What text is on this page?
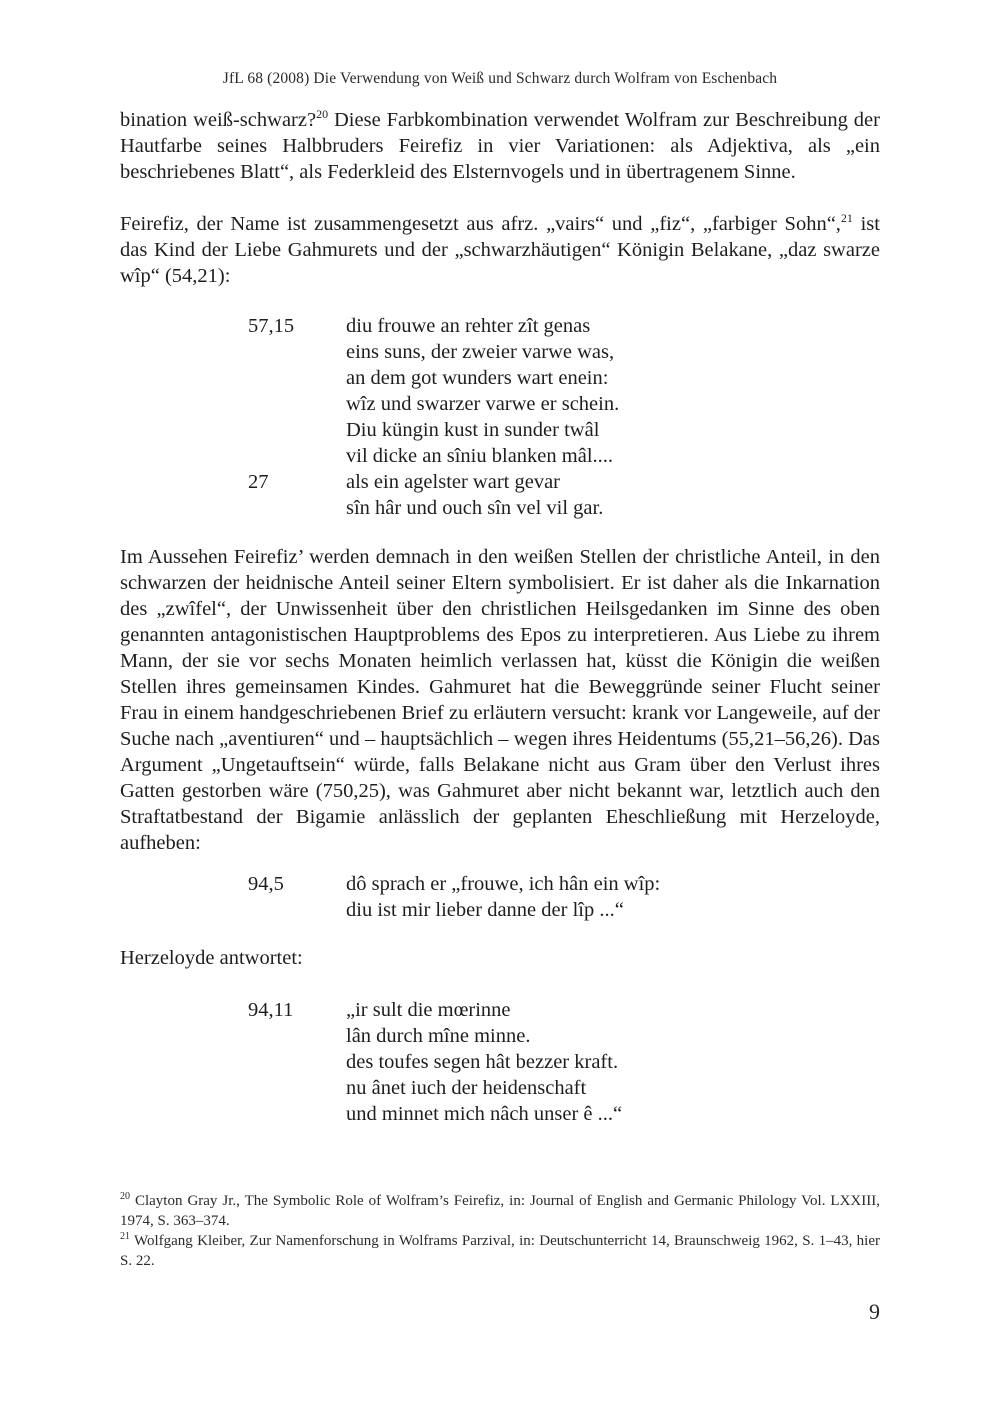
JfL 68 (2008) Die Verwendung von Weiß und Schwarz durch Wolfram von Eschenbach

bination weiß-schwarz?$^{20}$ Diese Farbkombination verwendet Wolfram zur Beschreibung der Hautfarbe seines Halbbruders Feirefiz in vier Variationen: als Adjektiva, als „ein beschriebenes Blatt“, als Federkleid des Elsternvogels und in übertragenem Sinne.

Feirefiz, der Name ist zusammengesetzt aus afrz. „vairs“ und „fiz“, „farbiger Sohn“,$^{21}$ ist das Kind der Liebe Gahmurets und der „schwarzhäutigen“ Königin Belakane, „daz swarze wîp“ (54,21):

57,15	diu frouwe an rehter zît genas
eins suns, der zweier varwe was,
an dem got wunders wart enein:
wîz und swarzer varwe er schein.
Diu küngin kust in sunder twâl
vil dicke an sîniu blanken mâl....
27	als ein agelster wart gevar
sîn hâr und ouch sîn vel vil gar.

Im Aussehen Feirefiz’ werden demnach in den weißen Stellen der christliche Anteil, in den schwarzen der heidnische Anteil seiner Eltern symbolisiert. Er ist daher als die Inkarnation des „zwîfel“, der Unwissenheit über den christlichen Heilsgedanken im Sinne des oben genannten antagonistischen Hauptproblems des Epos zu interpretieren. Aus Liebe zu ihrem Mann, der sie vor sechs Monaten heimlich verlassen hat, küsst die Königin die weißen Stellen ihres gemeinsamen Kindes. Gahmuret hat die Beweggründe seiner Flucht seiner Frau in einem handgeschriebenen Brief zu erläutern versucht: krank vor Langeweile, auf der Suche nach „aventiuren“ und – hauptsächlich – wegen ihres Heidentums (55,21–56,26). Das Argument „Ungetauftsein“ würde, falls Belakane nicht aus Gram über den Verlust ihres Gatten gestorben wäre (750,25), was Gahmuret aber nicht bekannt war, letztlich auch den Straftatbestand der Bigamie anlässlich der geplanten Eheschließung mit Herzeloyde, aufheben:

94,5	dô sprach er „frouwe, ich hân ein wîp:
diu ist mir lieber danne der lîp ...“
Herzeloyde antwortet:
94,11	„ir sult die mœrinne
lân durch mîne minne.
des toufes segen hât bezzer kraft.
nu ânet iuch der heidenschaft
und minnet mich nâch unser ê ...“

$^{20}$ Clayton Gray Jr., The Symbolic Role of Wolfram’s Feirefiz, in: Journal of English and Germanic Philology Vol. LXXIII, 1974, S. 363–374.

$^{21}$ Wolfgang Kleiber, Zur Namenforschung in Wolframs Parzival, in: Deutschunterricht 14, Braunschweig 1962, S. 1–43, hier S. 22.

9
